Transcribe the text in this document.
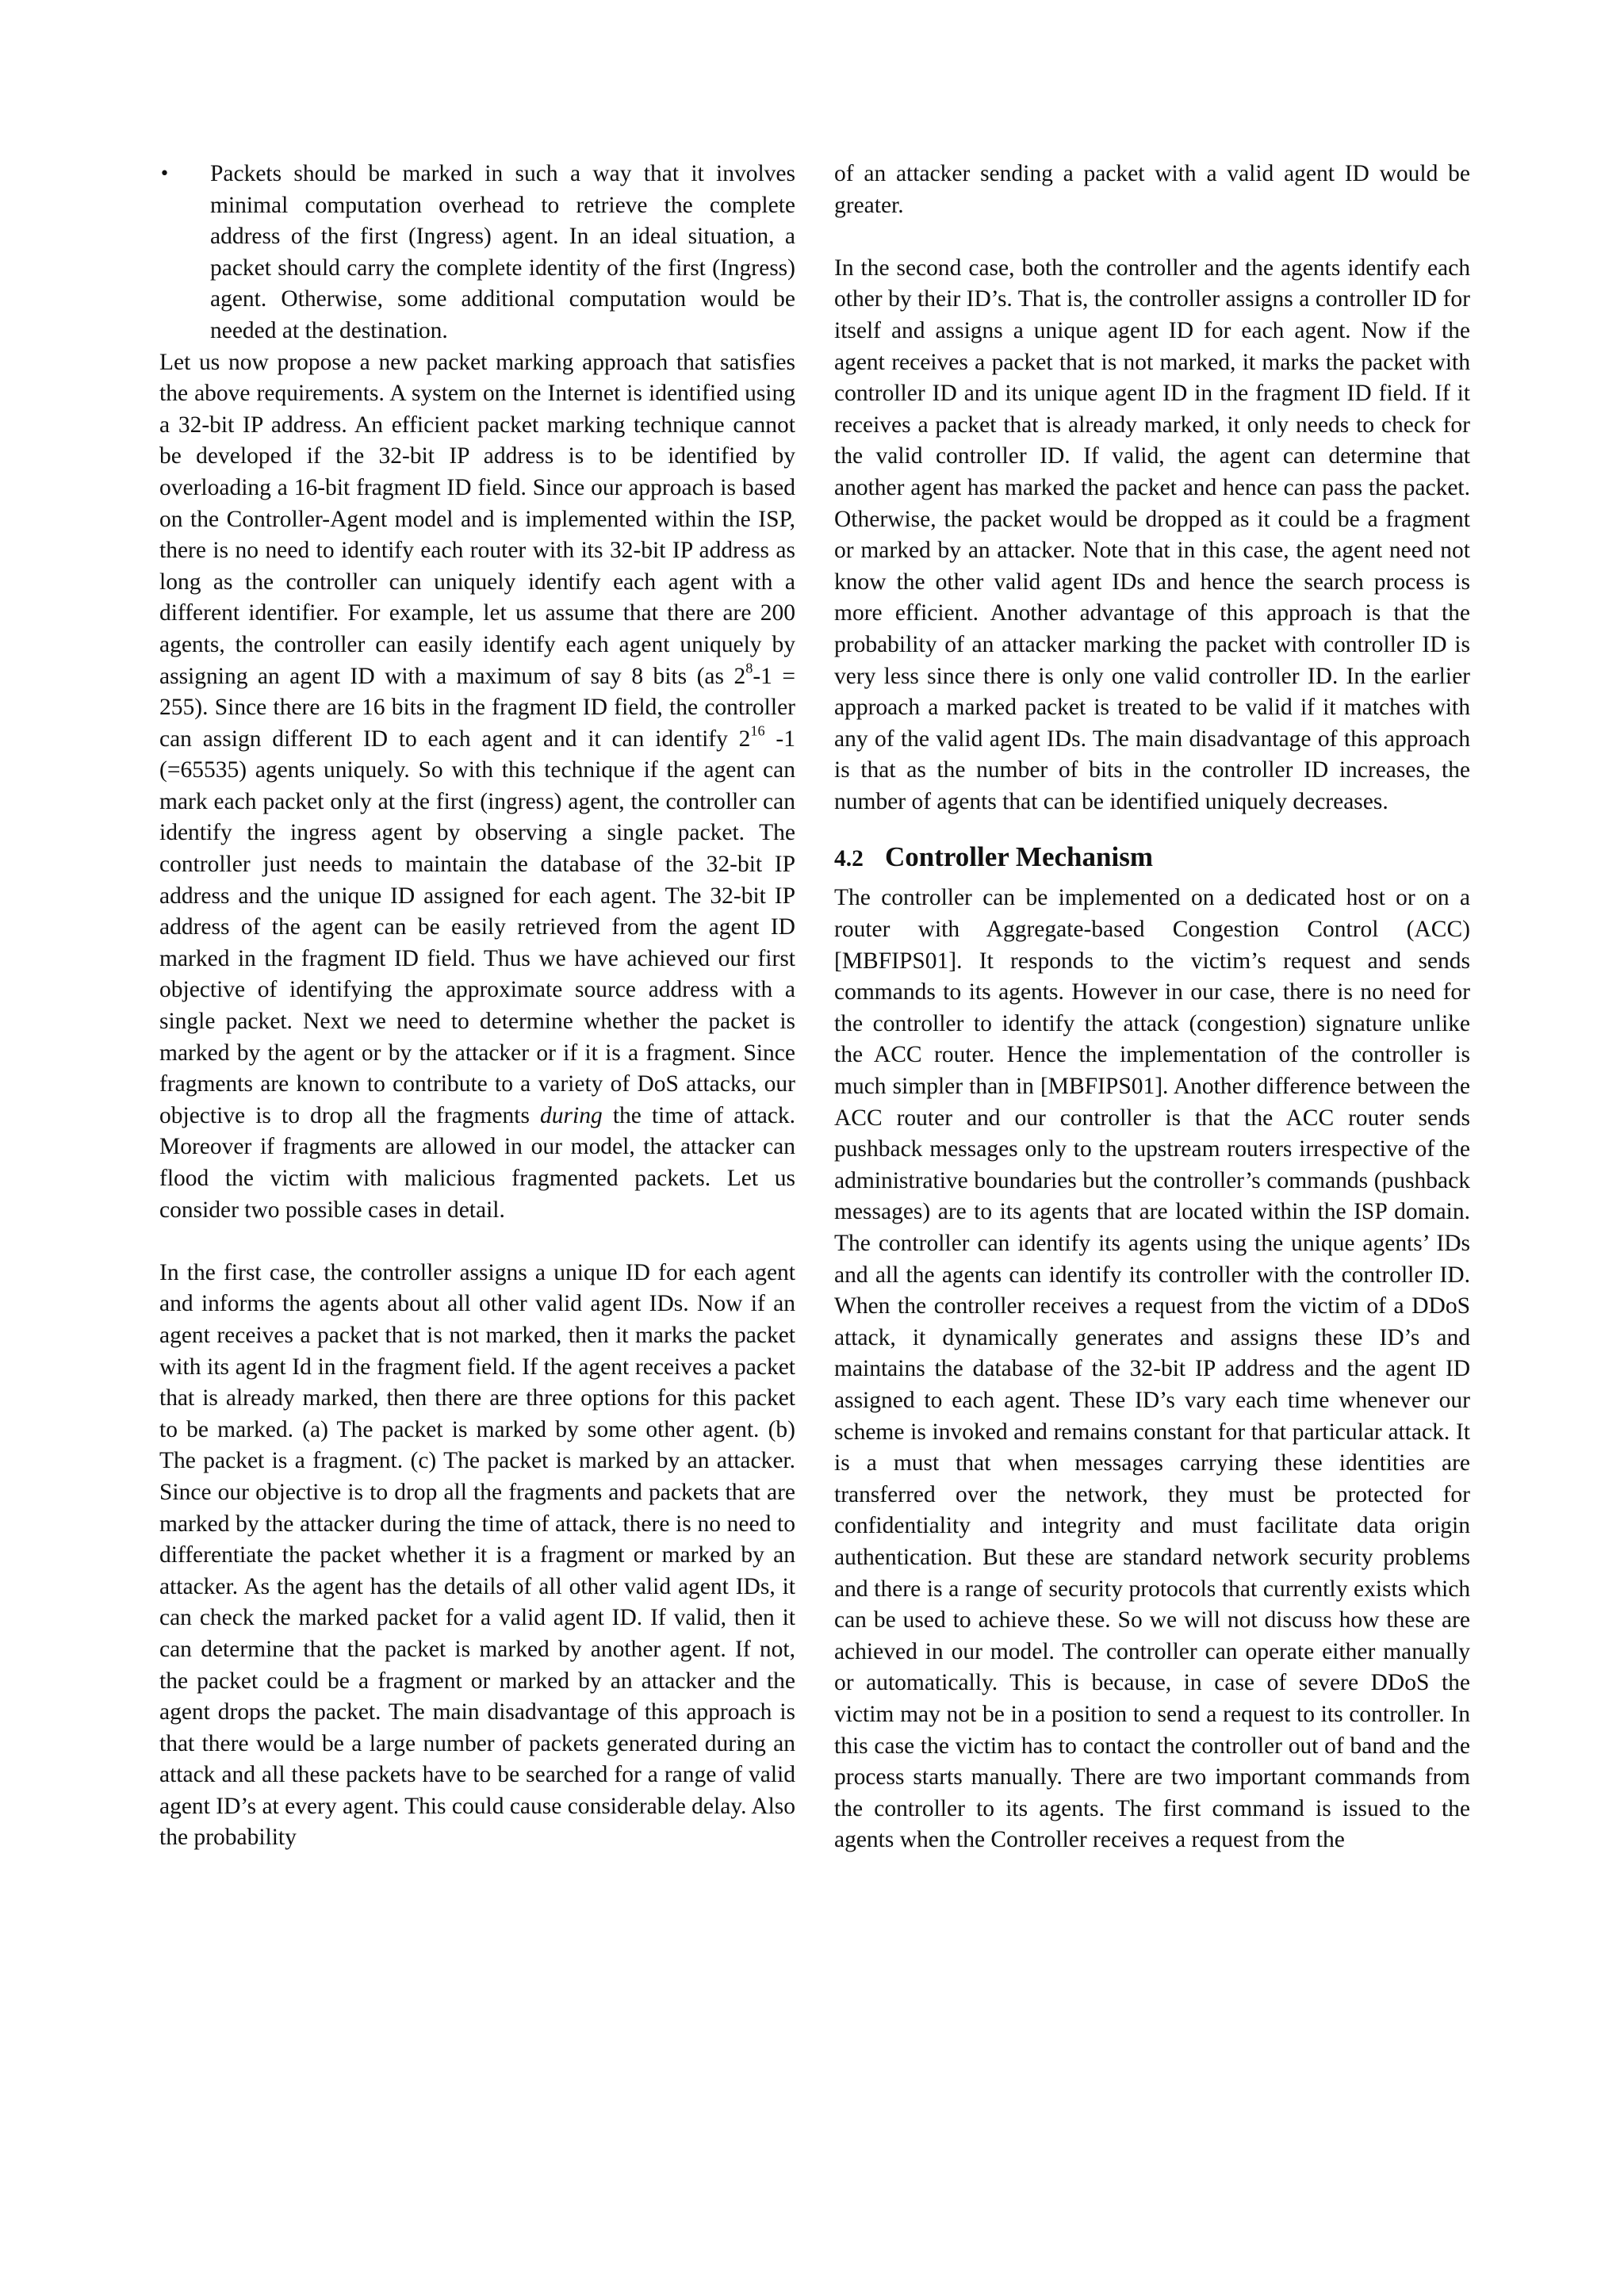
• Packets should be marked in such a way that it involves minimal computation overhead to retrieve the complete address of the first (Ingress) agent. In an ideal situation, a packet should carry the complete identity of the first (Ingress) agent. Otherwise, some additional computation would be needed at the destination.

Let us now propose a new packet marking approach that satisfies the above requirements. A system on the Internet is identified using a 32-bit IP address. An efficient packet marking technique cannot be developed if the 32-bit IP address is to be identified by overloading a 16-bit fragment ID field. Since our approach is based on the Controller-Agent model and is implemented within the ISP, there is no need to identify each router with its 32-bit IP address as long as the controller can uniquely identify each agent with a different identifier. For example, let us assume that there are 200 agents, the controller can easily identify each agent uniquely by assigning an agent ID with a maximum of say 8 bits (as $2^8-1 = 255$). Since there are 16 bits in the fragment ID field, the controller can assign different ID to each agent and it can identify $2^{16}$ -1 (=65535) agents uniquely. So with this technique if the agent can mark each packet only at the first (ingress) agent, the controller can identify the ingress agent by observing a single packet. The controller just needs to maintain the database of the 32-bit IP address and the unique ID assigned for each agent. The 32-bit IP address of the agent can be easily retrieved from the agent ID marked in the fragment ID field. Thus we have achieved our first objective of identifying the approximate source address with a single packet. Next we need to determine whether the packet is marked by the agent or by the attacker or if it is a fragment. Since fragments are known to contribute to a variety of DoS attacks, our objective is to drop all the fragments during the time of attack. Moreover if fragments are allowed in our model, the attacker can flood the victim with malicious fragmented packets. Let us consider two possible cases in detail.

In the first case, the controller assigns a unique ID for each agent and informs the agents about all other valid agent IDs. Now if an agent receives a packet that is not marked, then it marks the packet with its agent Id in the fragment field. If the agent receives a packet that is already marked, then there are three options for this packet to be marked. (a) The packet is marked by some other agent. (b) The packet is a fragment. (c) The packet is marked by an attacker. Since our objective is to drop all the fragments and packets that are marked by the attacker during the time of attack, there is no need to differentiate the packet whether it is a fragment or marked by an attacker. As the agent has the details of all other valid agent IDs, it can check the marked packet for a valid agent ID. If valid, then it can determine that the packet is marked by another agent. If not, the packet could be a fragment or marked by an attacker and the agent drops the packet. The main disadvantage of this approach is that there would be a large number of packets generated during an attack and all these packets have to be searched for a range of valid agent ID’s at every agent. This could cause considerable delay. Also the probability

of an attacker sending a packet with a valid agent ID would be greater.

In the second case, both the controller and the agents identify each other by their ID’s. That is, the controller assigns a controller ID for itself and assigns a unique agent ID for each agent. Now if the agent receives a packet that is not marked, it marks the packet with controller ID and its unique agent ID in the fragment ID field. If it receives a packet that is already marked, it only needs to check for the valid controller ID. If valid, the agent can determine that another agent has marked the packet and hence can pass the packet. Otherwise, the packet would be dropped as it could be a fragment or marked by an attacker. Note that in this case, the agent need not know the other valid agent IDs and hence the search process is more efficient. Another advantage of this approach is that the probability of an attacker marking the packet with controller ID is very less since there is only one valid controller ID. In the earlier approach a marked packet is treated to be valid if it matches with any of the valid agent IDs. The main disadvantage of this approach is that as the number of bits in the controller ID increases, the number of agents that can be identified uniquely decreases.

4.2 Controller Mechanism

The controller can be implemented on a dedicated host or on a router with Aggregate-based Congestion Control (ACC) [MBFIPS01]. It responds to the victim’s request and sends commands to its agents. However in our case, there is no need for the controller to identify the attack (congestion) signature unlike the ACC router. Hence the implementation of the controller is much simpler than in [MBFIPS01]. Another difference between the ACC router and our controller is that the ACC router sends pushback messages only to the upstream routers irrespective of the administrative boundaries but the controller’s commands (pushback messages) are to its agents that are located within the ISP domain. The controller can identify its agents using the unique agents’ IDs and all the agents can identify its controller with the controller ID. When the controller receives a request from the victim of a DDoS attack, it dynamically generates and assigns these ID’s and maintains the database of the 32-bit IP address and the agent ID assigned to each agent. These ID’s vary each time whenever our scheme is invoked and remains constant for that particular attack. It is a must that when messages carrying these identities are transferred over the network, they must be protected for confidentiality and integrity and must facilitate data origin authentication. But these are standard network security problems and there is a range of security protocols that currently exists which can be used to achieve these. So we will not discuss how these are achieved in our model. The controller can operate either manually or automatically. This is because, in case of severe DDoS the victim may not be in a position to send a request to its controller. In this case the victim has to contact the controller out of band and the process starts manually. There are two important commands from the controller to its agents. The first command is issued to the agents when the Controller receives a request from the
